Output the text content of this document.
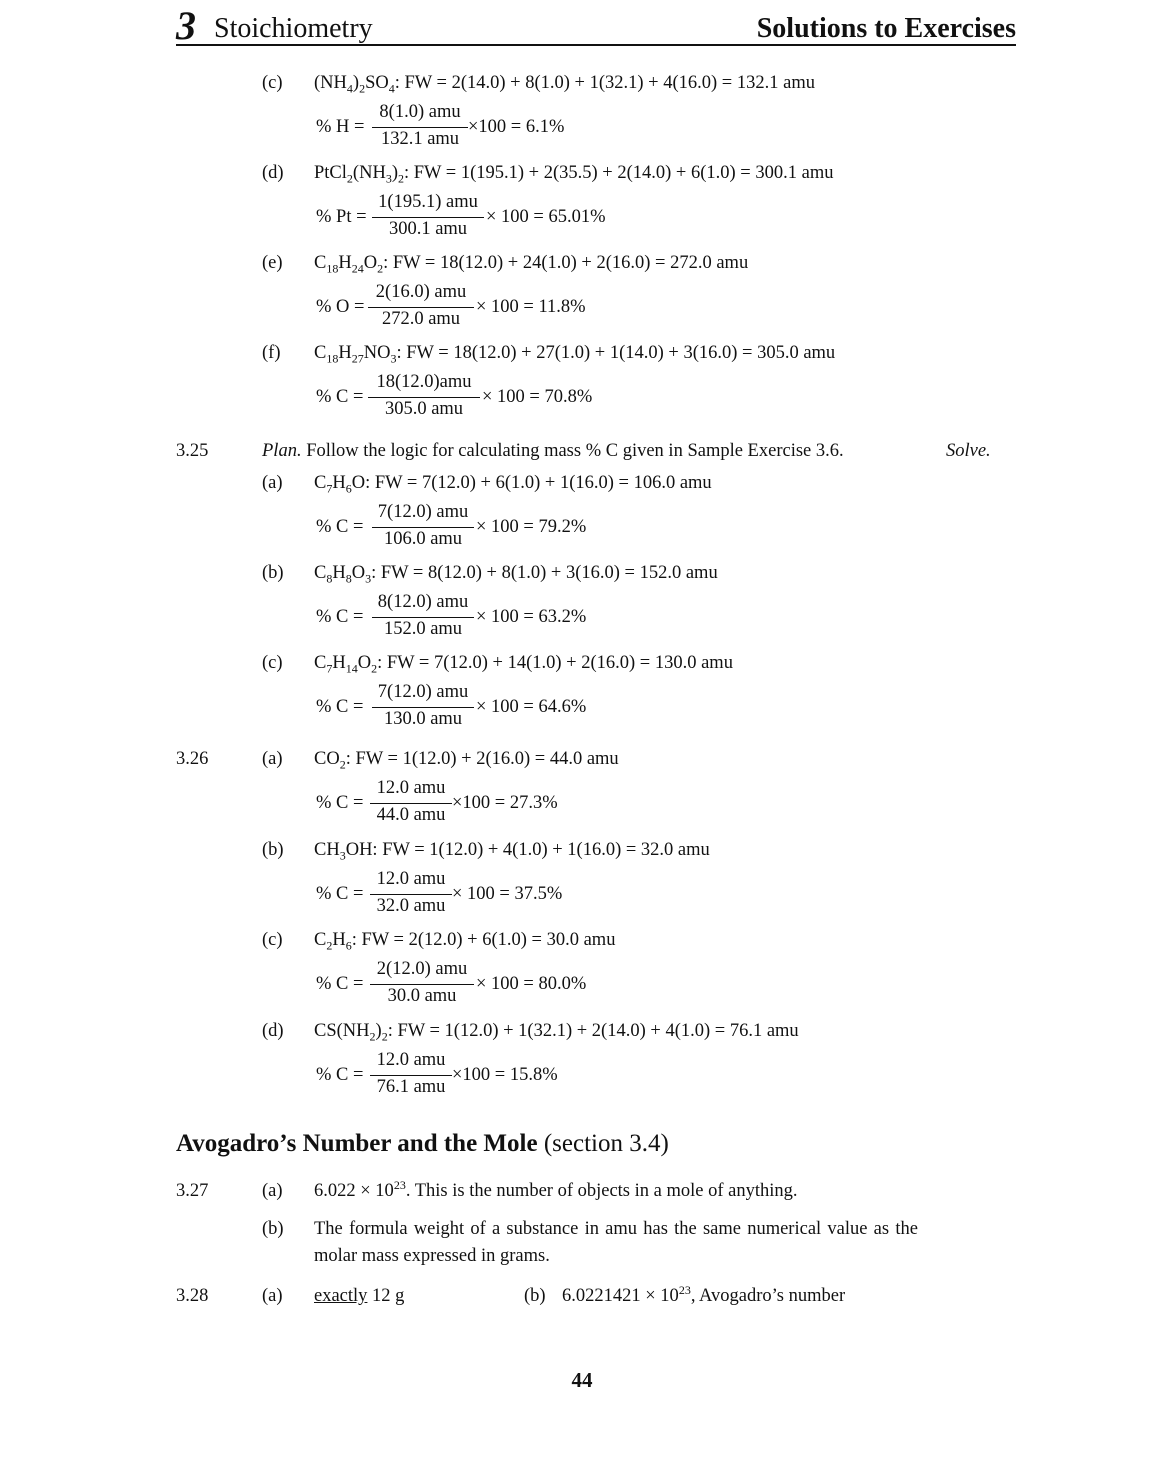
3 Stoichiometry	Solutions to Exercises
(c) $(NH_4)_2SO_4$: FW = 2(14.0) + 8(1.0) + 1(32.1) + 4(16.0) = 132.1 amu
% H =
8(1.0) amu
132.1 amu
×100 = 6.1%
(d) $PtCl_2(NH_3)_2$: FW = 1(195.1) + 2(35.5) + 2(14.0) + 6(1.0) = 300.1 amu
% Pt =
1(195.1) amu
300.1 amu
× 100 = 65.01%
(e) $C_{18}H_{24}O_2$: FW = 18(12.0) + 24(1.0) + 2(16.0) = 272.0 amu
% O =
2(16.0) amu
272.0 amu
× 100 = 11.8%
(f) $C_{18}H_{27}NO_3$: FW = 18(12.0) + 27(1.0) + 1(14.0) + 3(16.0) = 305.0 amu
% C =
18(12.0)amu
305.0 amu
× 100 = 70.8%
3.25	Plan. Follow the logic for calculating mass % C given in Sample Exercise 3.6.	Solve.
(a) $C_7H_6O$: FW = 7(12.0) + 6(1.0) + 1(16.0) = 106.0 amu
% C =
7(12.0) amu
106.0 amu
× 100 = 79.2%
(b) $C_8H_8O_3$: FW = 8(12.0) + 8(1.0) + 3(16.0) = 152.0 amu
% C =
8(12.0) amu
152.0 amu
× 100 = 63.2%
(c) $C_7H_{14}O_2$: FW = 7(12.0) + 14(1.0) + 2(16.0) = 130.0 amu
% C =
7(12.0) amu
130.0 amu
× 100 = 64.6%
3.26	(a) $CO_2$: FW = 1(12.0) + 2(16.0) = 44.0 amu
% C =
12.0 amu
44.0 amu
×100 = 27.3%
(b) $CH_3OH$: FW = 1(12.0) + 4(1.0) + 1(16.0) = 32.0 amu
% C =
12.0 amu
32.0 amu
× 100 = 37.5%
(c) $C_2H_6$: FW = 2(12.0) + 6(1.0) = 30.0 amu
% C =
2(12.0) amu
30.0 amu
× 100 = 80.0%
(d) $CS(NH_2)_2$: FW = 1(12.0) + 1(32.1) + 2(14.0) + 4(1.0) = 76.1 amu
% C =
12.0 amu
76.1 amu
×100 = 15.8%
Avogadro’s Number and the Mole (section 3.4)
3.27	(a) $6.022 \times 10^{23}$. This is the number of objects in a mole of anything.
(b) The formula weight of a substance in amu has the same numerical value as the
molar mass expressed in grams.
3.28	(a) exactly 12 g	(b) $6.0221421 \times 10^{23}$, Avogadro’s number
44
